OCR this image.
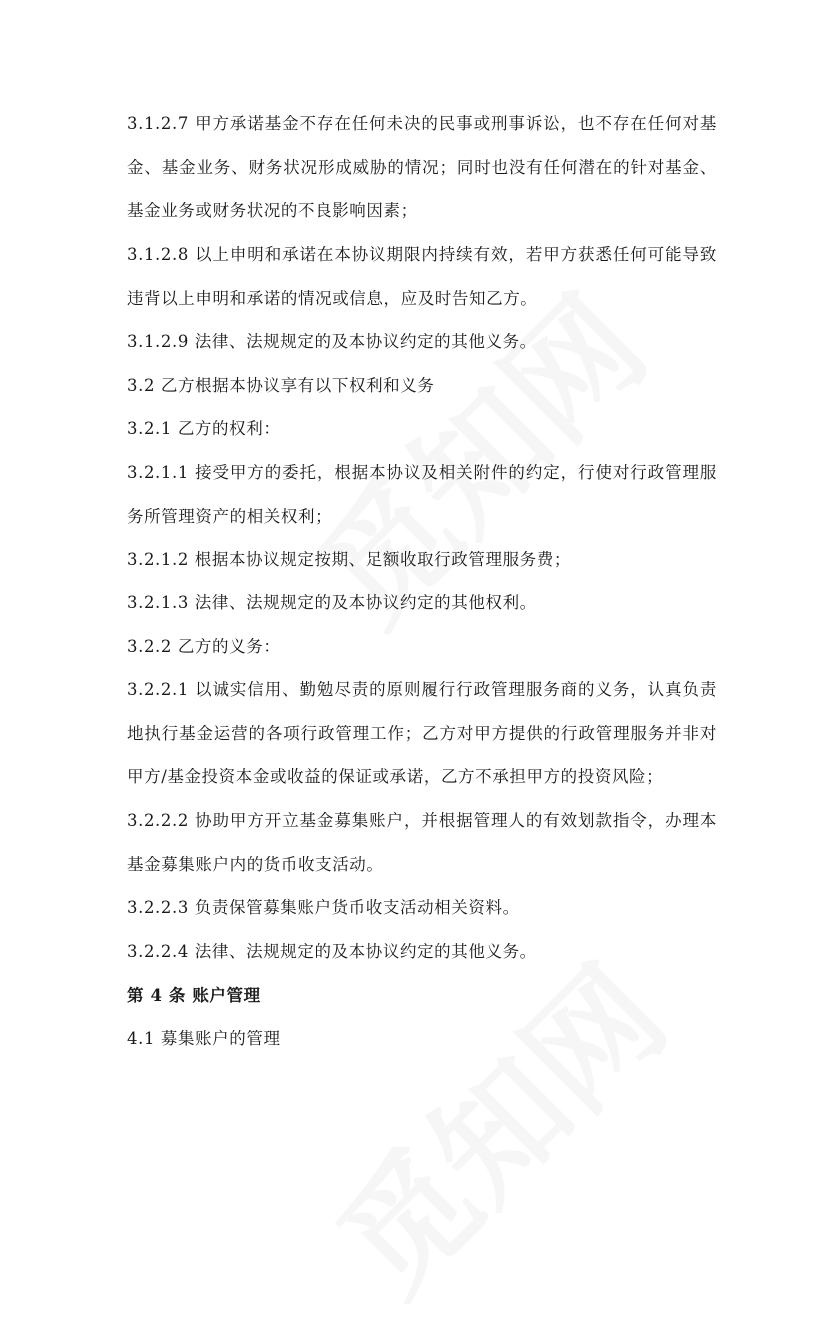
3.1.2.7 甲方承诺基金不存在任何未决的民事或刑事诉讼，也不存在任何对基金、基金业务、财务状况形成威胁的情况；同时也没有任何潜在的针对基金、基金业务或财务状况的不良影响因素；

3.1.2.8 以上申明和承诺在本协议期限内持续有效，若甲方获悉任何可能导致违背以上申明和承诺的情况或信息，应及时告知乙方。

3.1.2.9 法律、法规规定的及本协议约定的其他义务。

3.2 乙方根据本协议享有以下权利和义务

3.2.1 乙方的权利：

3.2.1.1 接受甲方的委托，根据本协议及相关附件的约定，行使对行政管理服务所管理资产的相关权利；

3.2.1.2 根据本协议规定按期、足额收取行政管理服务费；

3.2.1.3 法律、法规规定的及本协议约定的其他权利。

3.2.2 乙方的义务：

3.2.2.1 以诚实信用、勤勉尽责的原则履行行政管理服务商的义务，认真负责地执行基金运营的各项行政管理工作；乙方对甲方提供的行政管理服务并非对甲方/基金投资本金或收益的保证或承诺，乙方不承担甲方的投资风险；

3.2.2.2 协助甲方开立基金募集账户，并根据管理人的有效划款指令，办理本基金募集账户内的货币收支活动。

3.2.2.3 负责保管募集账户货币收支活动相关资料。

3.2.2.4 法律、法规规定的及本协议约定的其他义务。

第 4 条 账户管理

4.1 募集账户的管理
